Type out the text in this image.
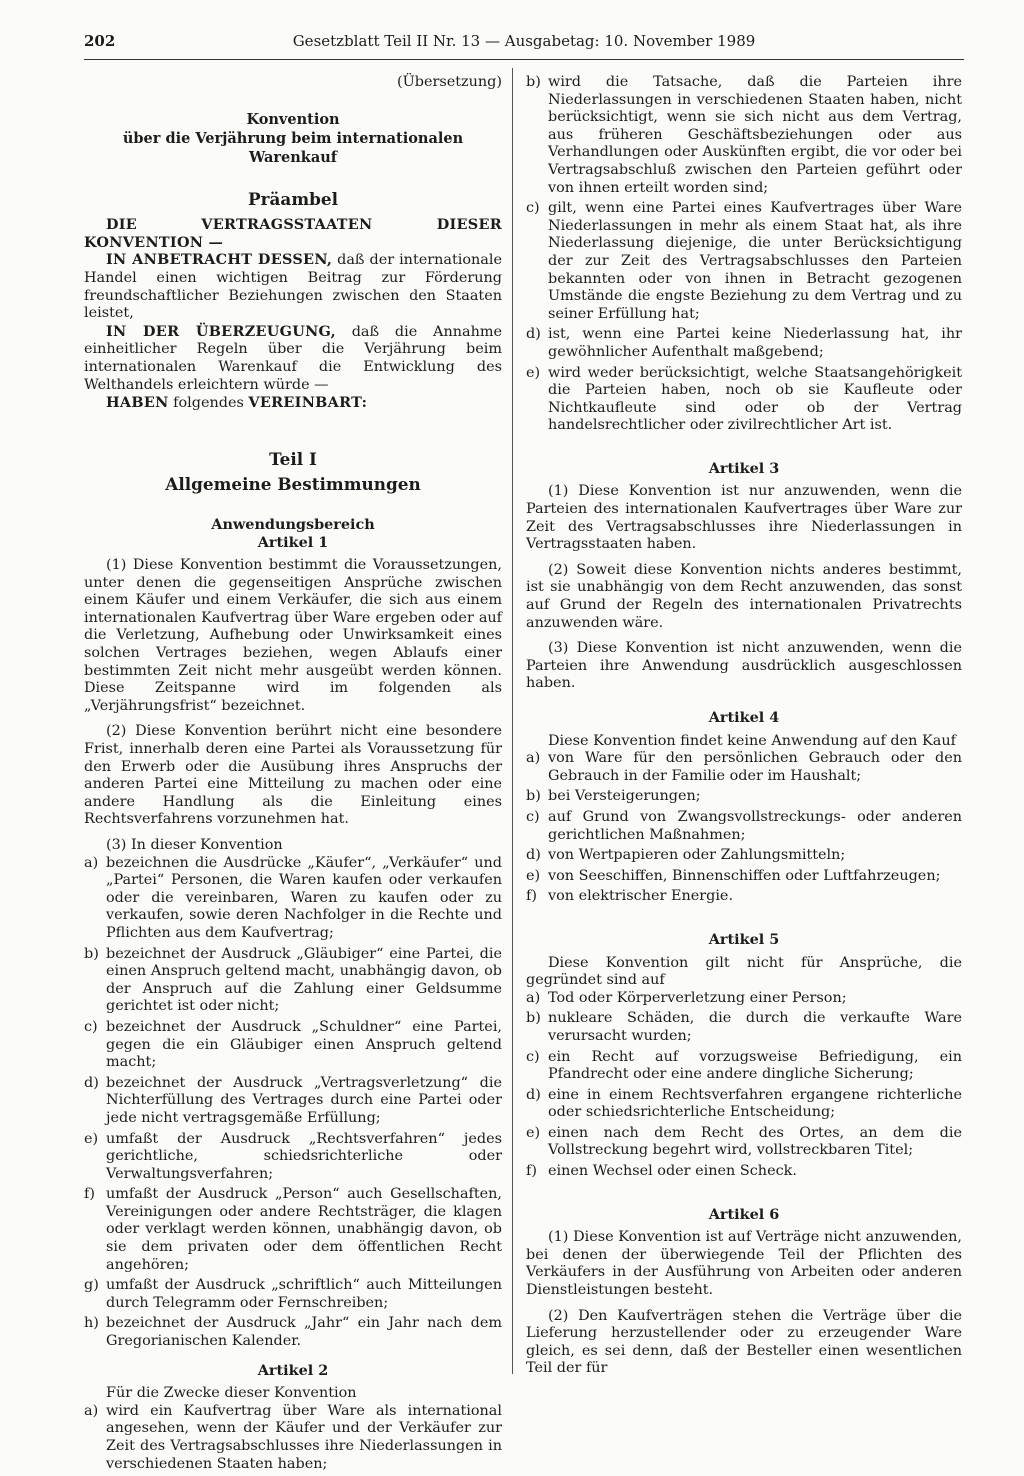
202	Gesetzblatt Teil II Nr. 13 — Ausgabetag: 10. November 1989

(Übersetzung)

Konvention
über die Verjährung beim internationalen Warenkauf
Präambel

DIE VERTRAGSSTAATEN DIESER KONVENTION —

IN ANBETRACHT DESSEN, daß der internationale Handel einen wichtigen Beitrag zur Förderung freundschaftlicher Beziehungen zwischen den Staaten leistet,

IN DER ÜBERZEUGUNG, daß die Annahme einheitlicher Regeln über die Verjährung beim internationalen Warenkauf die Entwicklung des Welthandels erleichtern würde —

HABEN folgendes VEREINBART:

Teil I
Allgemeine Bestimmungen
Anwendungsbereich
Artikel 1

(1) Diese Konvention bestimmt die Voraussetzungen, unter denen die gegenseitigen Ansprüche zwischen einem Käufer und einem Verkäufer, die sich aus einem internationalen Kaufvertrag über Ware ergeben oder auf die Verletzung, Aufhebung oder Unwirksamkeit eines solchen Vertrages beziehen, wegen Ablaufs einer bestimmten Zeit nicht mehr ausgeübt werden können. Diese Zeitspanne wird im folgenden als „Verjährungsfrist“ bezeichnet.

(2) Diese Konvention berührt nicht eine besondere Frist, innerhalb deren eine Partei als Voraussetzung für den Erwerb oder die Ausübung ihres Anspruchs der anderen Partei eine Mitteilung zu machen oder eine andere Handlung als die Einleitung eines Rechtsverfahrens vorzunehmen hat.

(3) In dieser Konvention

a) bezeichnen die Ausdrücke „Käufer“, „Verkäufer“ und „Partei“ Personen, die Waren kaufen oder verkaufen oder die vereinbaren, Waren zu kaufen oder zu verkaufen, sowie deren Nachfolger in die Rechte und Pflichten aus dem Kaufvertrag;
b) bezeichnet der Ausdruck „Gläubiger“ eine Partei, die einen Anspruch geltend macht, unabhängig davon, ob der Anspruch auf die Zahlung einer Geldsumme gerichtet ist oder nicht;
c) bezeichnet der Ausdruck „Schuldner“ eine Partei, gegen die ein Gläubiger einen Anspruch geltend macht;
d) bezeichnet der Ausdruck „Vertragsverletzung“ die Nichterfüllung des Vertrages durch eine Partei oder jede nicht vertragsgemäße Erfüllung;
e) umfaßt der Ausdruck „Rechtsverfahren“ jedes gerichtliche, schiedsrichterliche oder Verwaltungsverfahren;
f) umfaßt der Ausdruck „Person“ auch Gesellschaften, Vereinigungen oder andere Rechtsträger, die klagen oder verklagt werden können, unabhängig davon, ob sie dem privaten oder dem öffentlichen Recht angehören;
g) umfaßt der Ausdruck „schriftlich“ auch Mitteilungen durch Telegramm oder Fernschreiben;
h) bezeichnet der Ausdruck „Jahr“ ein Jahr nach dem Gregorianischen Kalender.
Artikel 2

Für die Zwecke dieser Konvention

a) wird ein Kaufvertrag über Ware als international angesehen, wenn der Käufer und der Verkäufer zur Zeit des Vertragsabschlusses ihre Niederlassungen in verschiedenen Staaten haben;
b) wird die Tatsache, daß die Parteien ihre Niederlassungen in verschiedenen Staaten haben, nicht berücksichtigt, wenn sie sich nicht aus dem Vertrag, aus früheren Geschäftsbeziehungen oder aus Verhandlungen oder Auskünften ergibt, die vor oder bei Vertragsabschluß zwischen den Parteien geführt oder von ihnen erteilt worden sind;
c) gilt, wenn eine Partei eines Kaufvertrages über Ware Niederlassungen in mehr als einem Staat hat, als ihre Niederlassung diejenige, die unter Berücksichtigung der zur Zeit des Vertragsabschlusses den Parteien bekannten oder von ihnen in Betracht gezogenen Umstände die engste Beziehung zu dem Vertrag und zu seiner Erfüllung hat;
d) ist, wenn eine Partei keine Niederlassung hat, ihr gewöhnlicher Aufenthalt maßgebend;
e) wird weder berücksichtigt, welche Staatsangehörigkeit die Parteien haben, noch ob sie Kaufleute oder Nichtkaufleute sind oder ob der Vertrag handelsrechtlicher oder zivilrechtlicher Art ist.
Artikel 3

(1) Diese Konvention ist nur anzuwenden, wenn die Parteien des internationalen Kaufvertrages über Ware zur Zeit des Vertragsabschlusses ihre Niederlassungen in Vertragsstaaten haben.

(2) Soweit diese Konvention nichts anderes bestimmt, ist sie unabhängig von dem Recht anzuwenden, das sonst auf Grund der Regeln des internationalen Privatrechts anzuwenden wäre.

(3) Diese Konvention ist nicht anzuwenden, wenn die Parteien ihre Anwendung ausdrücklich ausgeschlossen haben.

Artikel 4

Diese Konvention findet keine Anwendung auf den Kauf

a) von Ware für den persönlichen Gebrauch oder den Gebrauch in der Familie oder im Haushalt;
b) bei Versteigerungen;
c) auf Grund von Zwangsvollstreckungs- oder anderen gerichtlichen Maßnahmen;
d) von Wertpapieren oder Zahlungsmitteln;
e) von Seeschiffen, Binnenschiffen oder Luftfahrzeugen;
f) von elektrischer Energie.
Artikel 5

Diese Konvention gilt nicht für Ansprüche, die gegründet sind auf

a) Tod oder Körperverletzung einer Person;
b) nukleare Schäden, die durch die verkaufte Ware verursacht wurden;
c) ein Recht auf vorzugsweise Befriedigung, ein Pfandrecht oder eine andere dingliche Sicherung;
d) eine in einem Rechtsverfahren ergangene richterliche oder schiedsrichterliche Entscheidung;
e) einen nach dem Recht des Ortes, an dem die Vollstreckung begehrt wird, vollstreckbaren Titel;
f) einen Wechsel oder einen Scheck.
Artikel 6

(1) Diese Konvention ist auf Verträge nicht anzuwenden, bei denen der überwiegende Teil der Pflichten des Verkäufers in der Ausführung von Arbeiten oder anderen Dienstleistungen besteht.

(2) Den Kaufverträgen stehen die Verträge über die Lieferung herzustellender oder zu erzeugender Ware gleich, es sei denn, daß der Besteller einen wesentlichen Teil der für
